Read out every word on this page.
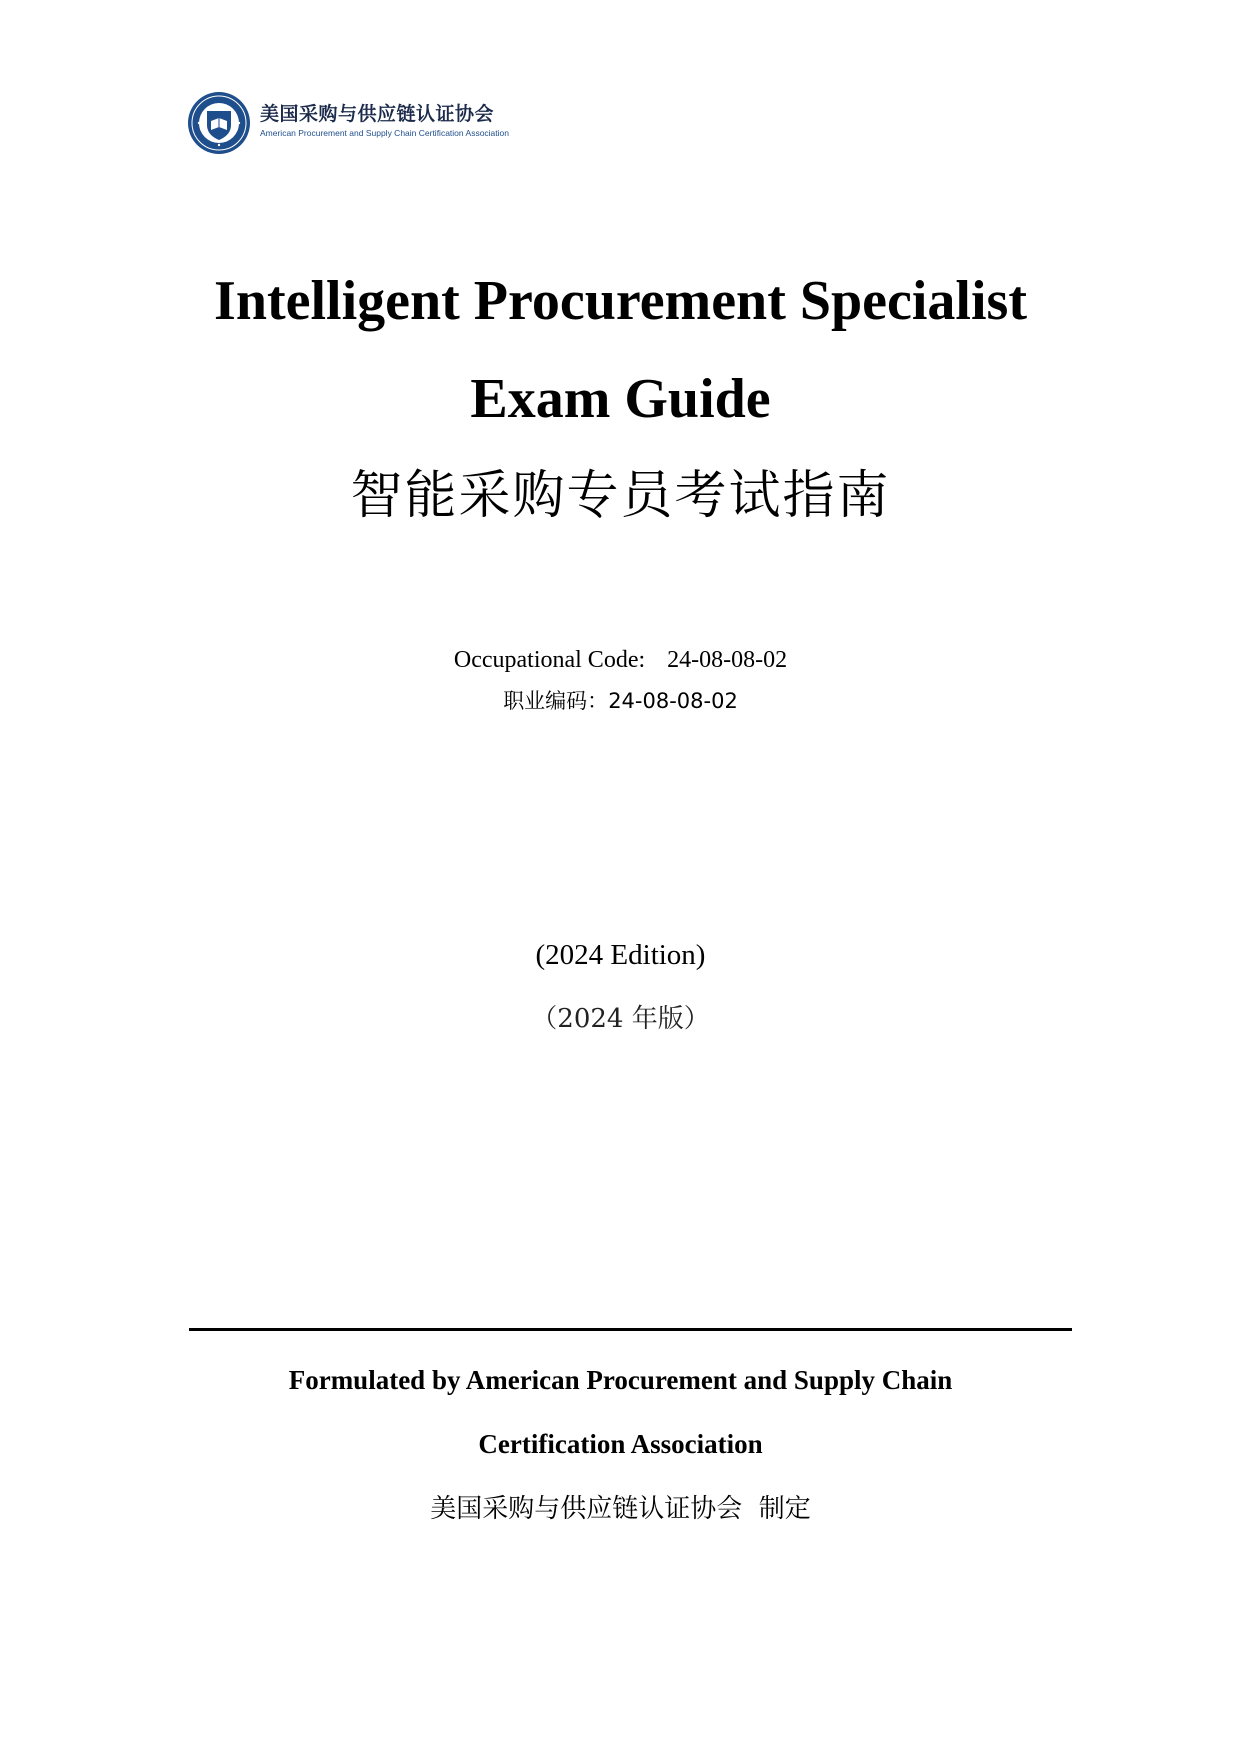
美国采购与供应链认证协会
American Procurement and Supply Chain Certification Association
Intelligent Procurement Specialist
Exam Guide
智能采购专员考试指南
Occupational Code: 24-08-08-02
职业编码：24-08-08-02
(2024 Edition)
（2024 年版）
Formulated by American Procurement and Supply Chain
Certification Association
美国采购与供应链认证协会  制定
